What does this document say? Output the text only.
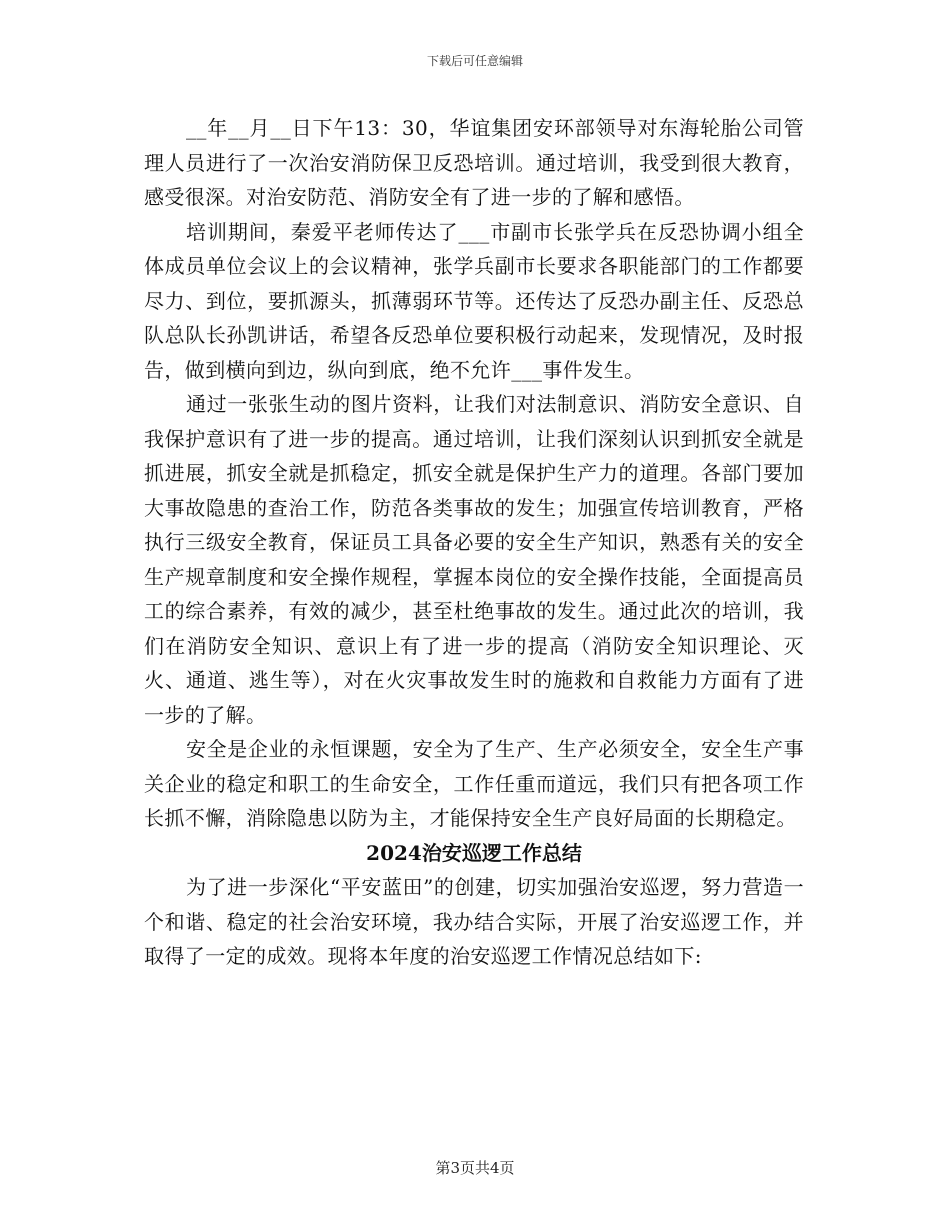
下载后可任意编辑

__年__月__日下午13：30，华谊集团安环部领导对东海轮胎公司管理人员进行了一次治安消防保卫反恐培训。通过培训，我受到很大教育，感受很深。对治安防范、消防安全有了进一步的了解和感悟。

培训期间，秦爱平老师传达了___市副市长张学兵在反恐协调小组全体成员单位会议上的会议精神，张学兵副市长要求各职能部门的工作都要尽力、到位，要抓源头，抓薄弱环节等。还传达了反恐办副主任、反恐总队总队长孙凯讲话，希望各反恐单位要积极行动起来，发现情况，及时报告，做到横向到边，纵向到底，绝不允许___事件发生。

通过一张张生动的图片资料，让我们对法制意识、消防安全意识、自我保护意识有了进一步的提高。通过培训，让我们深刻认识到抓安全就是抓进展，抓安全就是抓稳定，抓安全就是保护生产力的道理。各部门要加大事故隐患的查治工作，防范各类事故的发生；加强宣传培训教育，严格执行三级安全教育，保证员工具备必要的安全生产知识，熟悉有关的安全生产规章制度和安全操作规程，掌握本岗位的安全操作技能，全面提高员工的综合素养，有效的减少，甚至杜绝事故的发生。通过此次的培训，我们在消防安全知识、意识上有了进一步的提高（消防安全知识理论、灭火、通道、逃生等），对在火灾事故发生时的施救和自救能力方面有了进一步的了解。

安全是企业的永恒课题，安全为了生产、生产必须安全，安全生产事关企业的稳定和职工的生命安全，工作任重而道远，我们只有把各项工作长抓不懈，消除隐患以防为主，才能保持安全生产良好局面的长期稳定。

2024治安巡逻工作总结

为了进一步深化“平安蓝田”的创建，切实加强治安巡逻，努力营造一个和谐、稳定的社会治安环境，我办结合实际，开展了治安巡逻工作，并取得了一定的成效。现将本年度的治安巡逻工作情况总结如下:

第3页共4页
